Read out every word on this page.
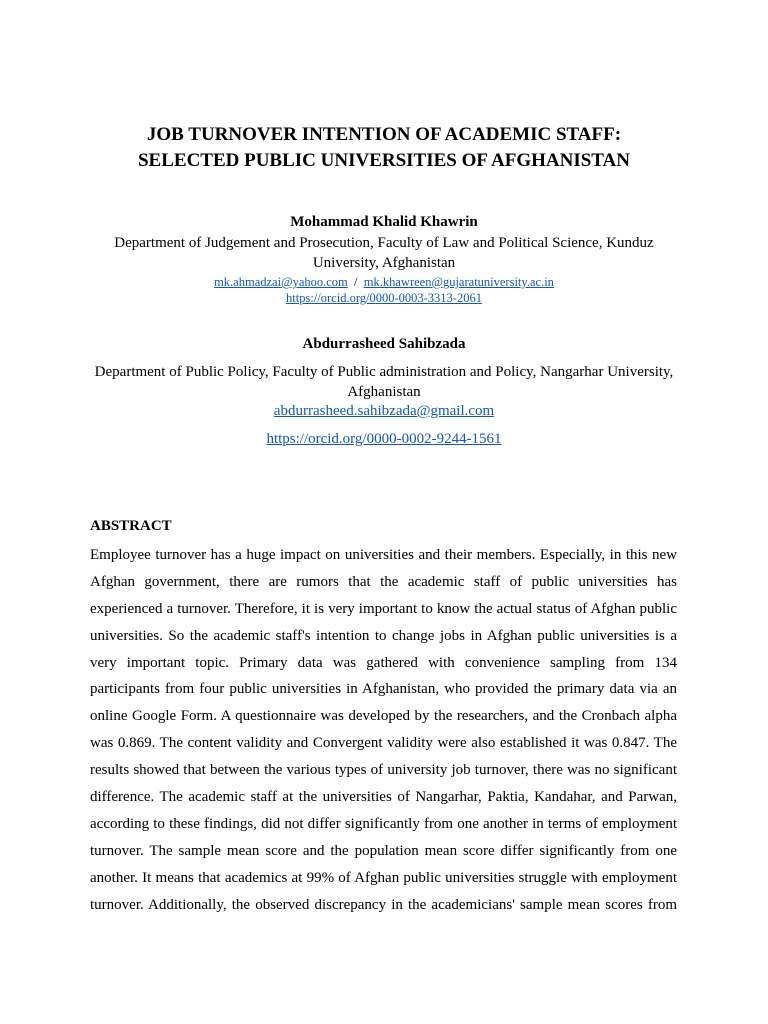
JOB TURNOVER INTENTION OF ACADEMIC STAFF:
SELECTED PUBLIC UNIVERSITIES OF AFGHANISTAN
Mohammad Khalid Khawrin
Department of Judgement and Prosecution, Faculty of Law and Political Science, Kunduz
University, Afghanistan
mk.ahmadzai@yahoo.com / mk.khawreen@gujaratuniversity.ac.in
https://orcid.org/0000-0003-3313-2061
Abdurrasheed Sahibzada
Department of Public Policy, Faculty of Public administration and Policy, Nangarhar University,
Afghanistan
abdurrasheed.sahibzada@gmail.com
https://orcid.org/0000-0002-9244-1561
ABSTRACT
Employee turnover has a huge impact on universities and their members. Especially, in this new
Afghan government, there are rumors that the academic staff of public universities has
experienced a turnover. Therefore, it is very important to know the actual status of Afghan public
universities. So the academic staff's intention to change jobs in Afghan public universities is a
very important topic. Primary data was gathered with convenience sampling from 134
participants from four public universities in Afghanistan, who provided the primary data via an
online Google Form. A questionnaire was developed by the researchers, and the Cronbach alpha
was 0.869. The content validity and Convergent validity were also established it was 0.847. The
results showed that between the various types of university job turnover, there was no significant
difference. The academic staff at the universities of Nangarhar, Paktia, Kandahar, and Parwan,
according to these findings, did not differ significantly from one another in terms of employment
turnover. The sample mean score and the population mean score differ significantly from one
another. It means that academics at 99% of Afghan public universities struggle with employment
turnover. Additionally, the observed discrepancy in the academicians' sample mean scores from
